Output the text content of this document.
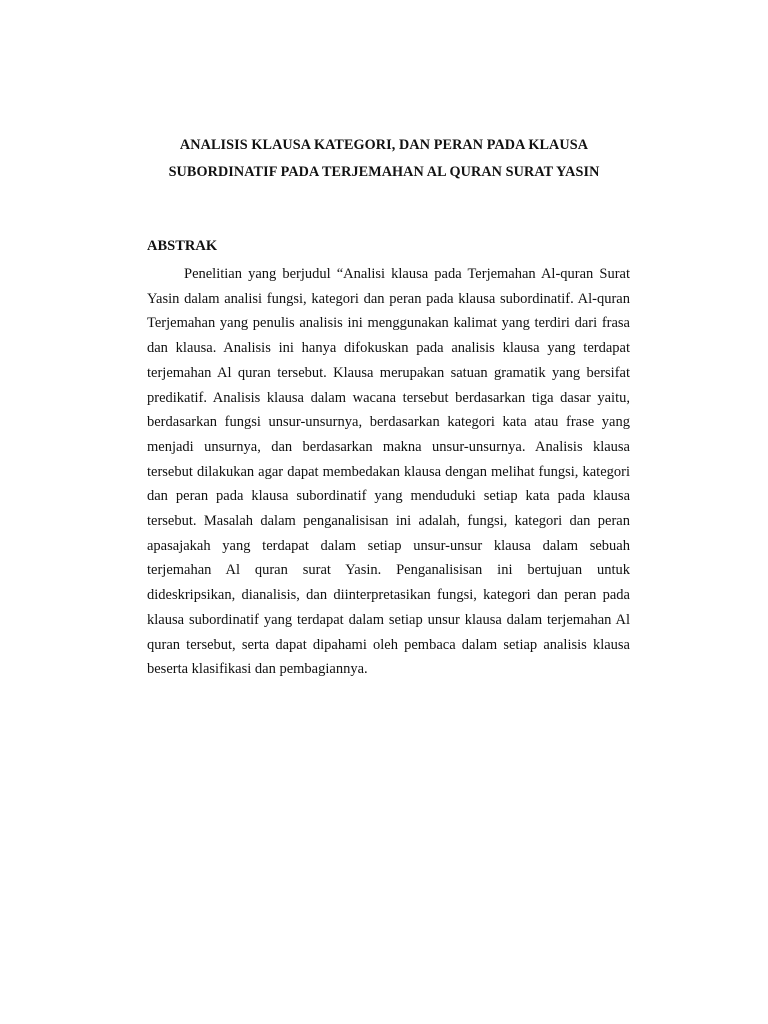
ANALISIS KLAUSA KATEGORI, DAN PERAN PADA KLAUSA
SUBORDINATIF PADA TERJEMAHAN AL QURAN SURAT YASIN
ABSTRAK

Penelitian yang berjudul “Analisi klausa pada Terjemahan Al-quran Surat Yasin dalam analisi fungsi, kategori dan peran pada klausa subordinatif. Al-quran Terjemahan yang penulis analisis ini menggunakan kalimat yang terdiri dari frasa dan klausa. Analisis ini hanya difokuskan pada analisis klausa yang terdapat terjemahan Al quran tersebut. Klausa merupakan satuan gramatik yang bersifat predikatif. Analisis klausa dalam wacana tersebut berdasarkan tiga dasar yaitu, berdasarkan fungsi unsur-unsurnya, berdasarkan kategori kata atau frase yang menjadi unsurnya, dan berdasarkan makna unsur-unsurnya. Analisis klausa tersebut dilakukan agar dapat membedakan klausa dengan melihat fungsi, kategori dan peran pada klausa subordinatif yang menduduki setiap kata pada klausa tersebut. Masalah dalam penganalisisan ini adalah, fungsi, kategori dan peran apasajakah yang terdapat dalam setiap unsur-unsur klausa dalam sebuah terjemahan Al quran surat Yasin. Penganalisisan ini bertujuan untuk dideskripsikan, dianalisis, dan diinterpretasikan fungsi, kategori dan peran pada klausa subordinatif yang terdapat dalam setiap unsur klausa dalam terjemahan Al quran tersebut, serta dapat dipahami oleh pembaca dalam setiap analisis klausa beserta klasifikasi dan pembagiannya.
